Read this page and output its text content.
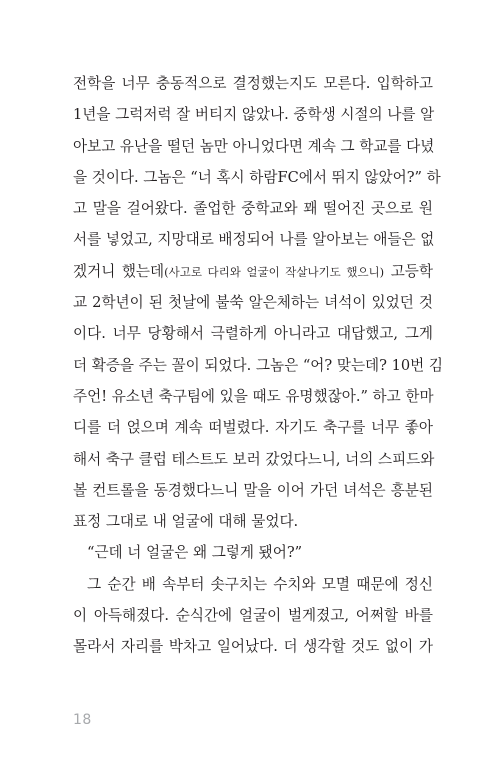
전학을 너무 충동적으로 결정했는지도 모른다. 입학하고
1년을 그럭저럭 잘 버티지 않았나. 중학생 시절의 나를 알
아보고 유난을 떨던 놈만 아니었다면 계속 그 학교를 다녔
을 것이다. 그놈은 “너 혹시 하람FC에서 뛰지 않았어?” 하
고 말을 걸어왔다. 졸업한 중학교와 꽤 떨어진 곳으로 원
서를 넣었고, 지망대로 배정되어 나를 알아보는 애들은 없
겠거니 했는데(사고로 다리와 얼굴이 작살나기도 했으니) 고등학
교 2학년이 된 첫날에 불쑥 알은체하는 녀석이 있었던 것
이다. 너무 당황해서 극렬하게 아니라고 대답했고, 그게
더 확증을 주는 꼴이 되었다. 그놈은 “어? 맞는데? 10번 김
주언! 유소년 축구팀에 있을 때도 유명했잖아.” 하고 한마
디를 더 얹으며 계속 떠벌렸다. 자기도 축구를 너무 좋아
해서 축구 클럽 테스트도 보러 갔었다느니, 너의 스피드와
볼 컨트롤을 동경했다느니 말을 이어 가던 녀석은 흥분된
표정 그대로 내 얼굴에 대해 물었다.
“근데 너 얼굴은 왜 그렇게 됐어?”
그 순간 배 속부터 솟구치는 수치와 모멸 때문에 정신
이 아득해졌다. 순식간에 얼굴이 벌게졌고, 어쩌할 바를
몰라서 자리를 박차고 일어났다. 더 생각할 것도 없이 가
18
